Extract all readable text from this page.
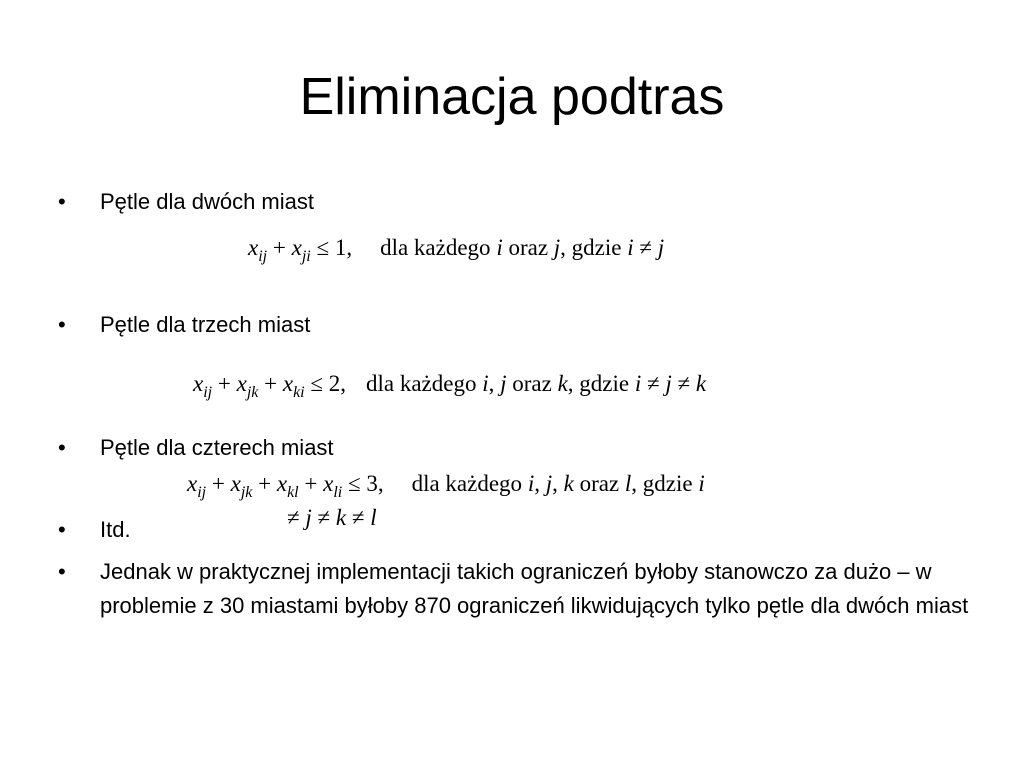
Eliminacja podtras
•	Pętle dla dwóch miast
$x_{ij} + x_{ji} \le 1$, dla każdego i oraz j, gdzie i ≠ j
•	Pętle dla trzech miast
$x_{ij} + x_{jk} + x_{ki} \le 2$, dla każdego i, j oraz k, gdzie i ≠ j ≠ k
•	Pętle dla czterech miast
$x_{ij} + x_{jk} + x_{kl} + x_{li} \le 3$, dla każdego i, j, k oraz l, gdzie i
≠ j ≠ k ≠ l
•	Itd.
•	Jednak w praktycznej implementacji takich ograniczeń byłoby stanowczo za dużo – w problemie z 30 miastami byłoby 870 ograniczeń likwidujących tylko pętle dla dwóch miast
